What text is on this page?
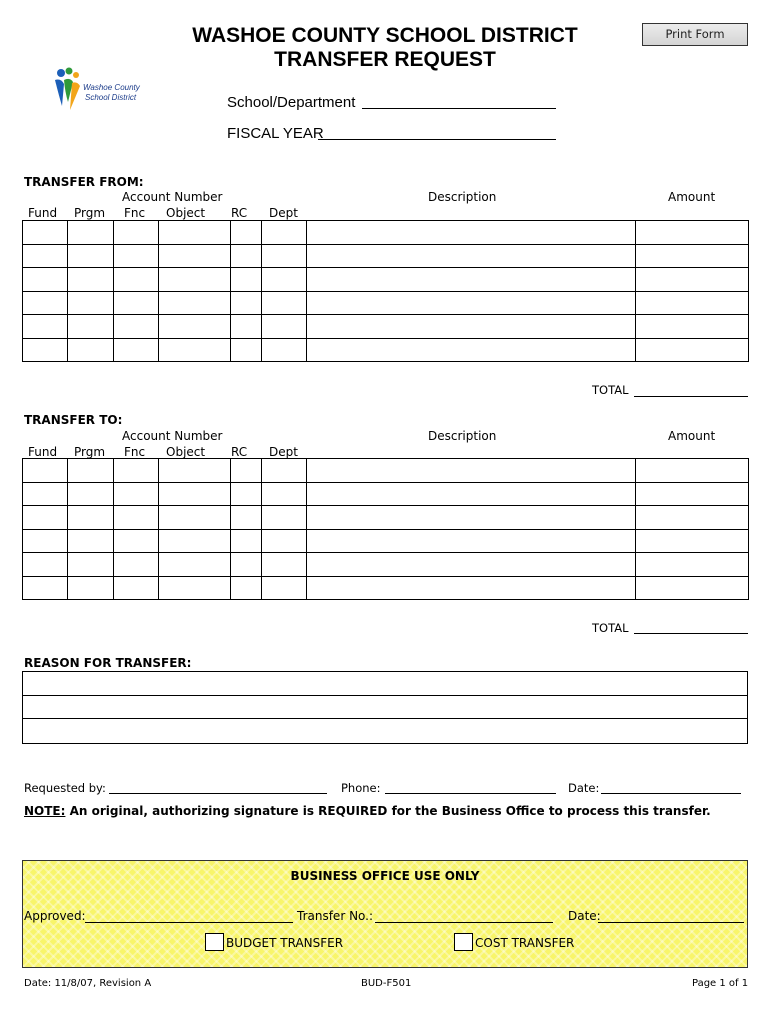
WASHOE COUNTY SCHOOL DISTRICT
TRANSFER REQUEST
Print Form
Washoe County
School District	School/Department
FISCAL YEAR
TRANSFER FROM:
Account Number	Description	Amount
Fund Prgm Fnc Object RC Dept

TOTAL
TRANSFER TO:
Account Number	Description	Amount
Fund Prgm Fnc Object RC Dept

TOTAL
REASON FOR TRANSFER:
Requested by:	Phone:	Date:
NOTE: An original, authorizing signature is REQUIRED for the Business Office to process this transfer.
BUSINESS OFFICE USE ONLY
Approved:	Transfer No.:	Date:
BUDGET TRANSFER	COST TRANSFER
Date: 11/8/07, Revision A	BUD-F501	Page 1 of 1
